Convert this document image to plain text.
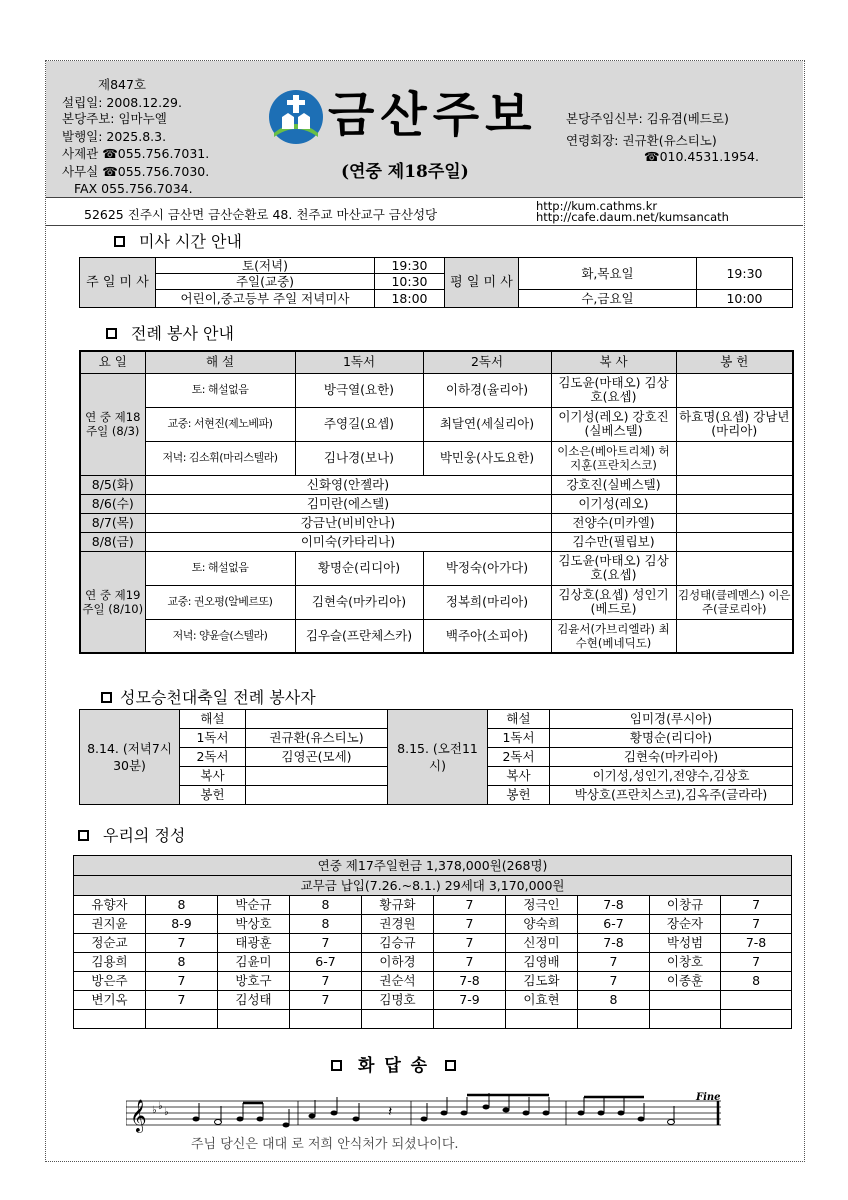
제847호
설립일: 2008.12.29.
본당주보: 임마누엘
발행일: 2025.8.3.
사제관 ☎055.756.7031.
사무실 ☎055.756.7030.
FAX 055.756.7034.
금산주보
(연중 제18주일)
본당주임신부: 김유겸(베드로)
연령회장: 권규환(유스티노)
☎010.4531.1954.
52625 진주시 금산면 금산순환로 48. 천주교 마산교구 금산성당
http://kum.cathms.kr
http://cafe.daum.net/kumsancath
미사 시간 안내
주 일 미 사	토(저녁)	19:30	평 일 미 사	화,목요일	19:30
	주일(교중)	10:30			
	어린이,중고등부 주일 저녁미사	18:00		수,금요일	10:00
전례 봉사 안내
요 일	해 설	1독서	2독서	복 사	봉 헌
연 중 제18주일 (8/3)	토: 해설없음	방극열(요한)	이하경(율리아)	김도윤(마태오) 김상호(요셉)	
	교중: 서현진(제노베파)	주영길(요셉)	최달연(세실리아)	이기성(레오) 강호진(실베스텔)	하효명(요셉) 강남년(마리아)
	저녁: 김소휘(마리스텔라)	김나경(보나)	박민웅(사도요한)	이소은(베아트리체) 허지훈(프란치스코)	
8/5(화)	신화영(안젤라)			강호진(실베스텔)	
8/6(수)	김미란(에스텔)			이기성(레오)	
8/7(목)	강금난(비비안나)			전양수(미카엘)	
8/8(금)	이미숙(카타리나)			김수만(필립보)	
연 중 제19주일 (8/10)	토: 해설없음	황명순(리디아)	박정숙(아가다)	김도윤(마태오) 김상호(요셉)	
	교중: 권오평(알베르또)	김현숙(마카리아)	정복희(마리아)	김상호(요셉) 성인기(베드로)	김성태(클레멘스) 이은주(글로리아)
	저녁: 양윤슬(스텔라)	김우슬(프란체스카)	백주아(소피아)	김윤서(가브리엘라) 최수현(베네딕도)	
성모승천대축일 전례 봉사자
8.14. (저녁7시30분)	해설		8.15. (오전11시)	해설	임미경(루시아)
	1독서	권규환(유스티노)		1독서	황명순(리디아)
	2독서	김영곤(모세)		2독서	김현숙(마카리아)
	복사			복사	이기성,성인기,전양수,김상호
	봉헌			봉헌	박상호(프란치스코),김옥주(글라라)
우리의 정성
연중 제17주일헌금 1,378,000원(268명)									
교무금 납입(7.26.~8.1.) 29세대 3,170,000원									
유향자	8	박순규	8	황규화	7	정극인	7-8	이창규	7
권지윤	8-9	박상호	8	권경원	7	양숙희	6-7	장순자	7
정순교	7	태광훈	7	김승규	7	신정미	7-8	박성범	7-8
김용희	8	김윤미	6-7	이하경	7	김영배	7	이창호	7
방은주	7	방호구	7	권순석	7-8	김도화	7	이종훈	8
변기옥	7	김성태	7	김명호	7-9	이효현	8		

화 답 송
𝄞 ♭ ♭
♭	𝄽
Fine
주님 당신은 대대 로 저희 안식처가 되셨나이다.
